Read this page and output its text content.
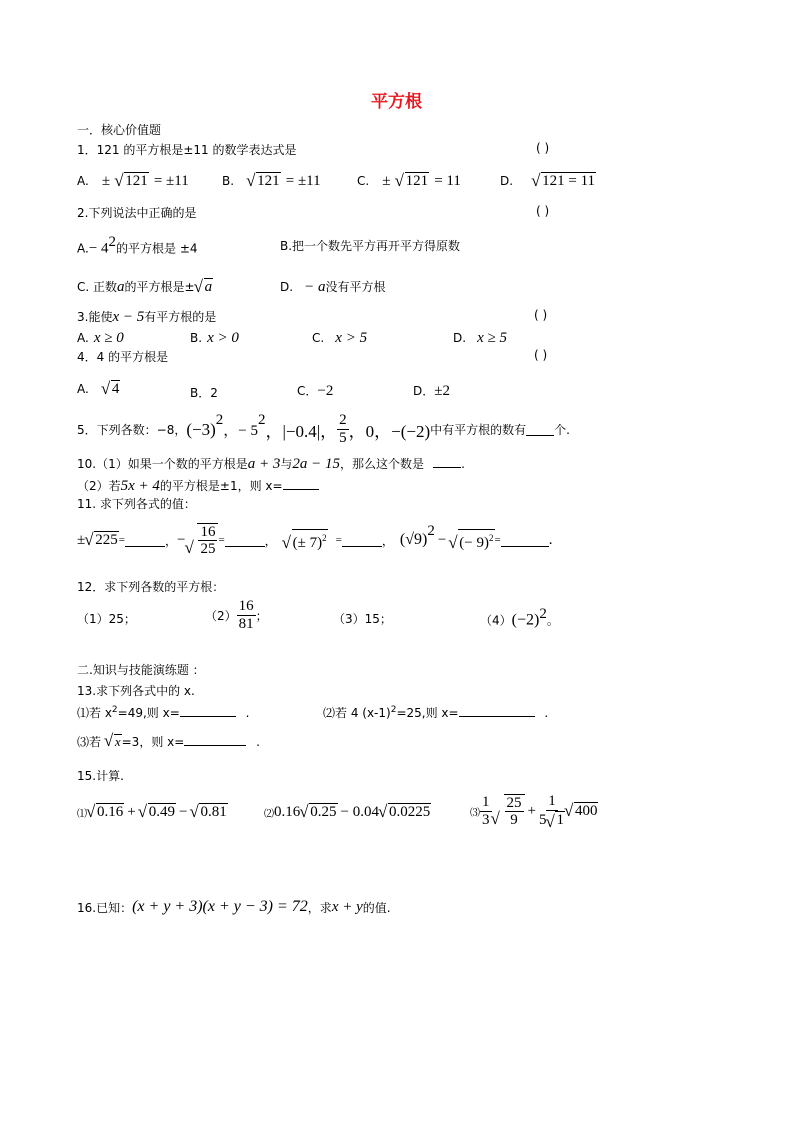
平方根
一．核心价值题
1．121 的平方根是±11 的数学表达式是	( )
A. ± √ 121 = ±11	B. √ 121 = ±11	C. ± √ 121 = 11	D. √ 121 = 11
2.下列说法中正确的是	( )
$A.- 4^2$的平方根是 ±4	B.把一个数先平方再开平方得原数
C. 正数a的平方根是± √ a	D. − a没有平方根
3.能使x − 5有平方根的是	( )
A. x ≥ 0	B. x > 0	C. x > 5	D. x ≥ 5
4．4 的平方根是	( )
A. √ 4	B．2	C．−2	D．±2
5．下列各数：−8， (−3) 2
，− 5
2
，|−0.4|， $\frac{2}{5}$ ，0，−(−2) 中有平方根的数有 个.
10.（1）如果一个数的平方根是a + 3与2a − 15，那么这个数是	.
（2）若5x + 4的平方根是±1，则 x=
11. 求下列各式的值：
± √ 225 =	， − √ $\frac{16}{25}$ =	，	√ (± 7)$^2$ =	， (√9) 2
− √ (− 9)$^2$ =	.
12．求下列各数的平方根：
（1）25；	$(2) \frac{16}{81}$ ；	（3）15；	$(4)(-2)^2$。
二.知识与技能演练题 ：
13.求下列各式中的 x.
⑴若 $x^2=49$,则 x=	.	⑵若 4 $(x-1)^2=25$,则 x=	.
⑶若 √ x=3，则 x=	.
15.计算.
⑴ √ 0.16 + √ 0.49 − √ 0.81	⑵ 0.16 √ 0.25 − 0.04 √ 0.0225	⑶ $\frac{1}{3}$ √ $\frac{25}{9} + \frac{1}{5 √ 1}$ √ 400
16.已知： (x + y + 3)(x + y − 3) = 72 ，求 x + y 的值.
